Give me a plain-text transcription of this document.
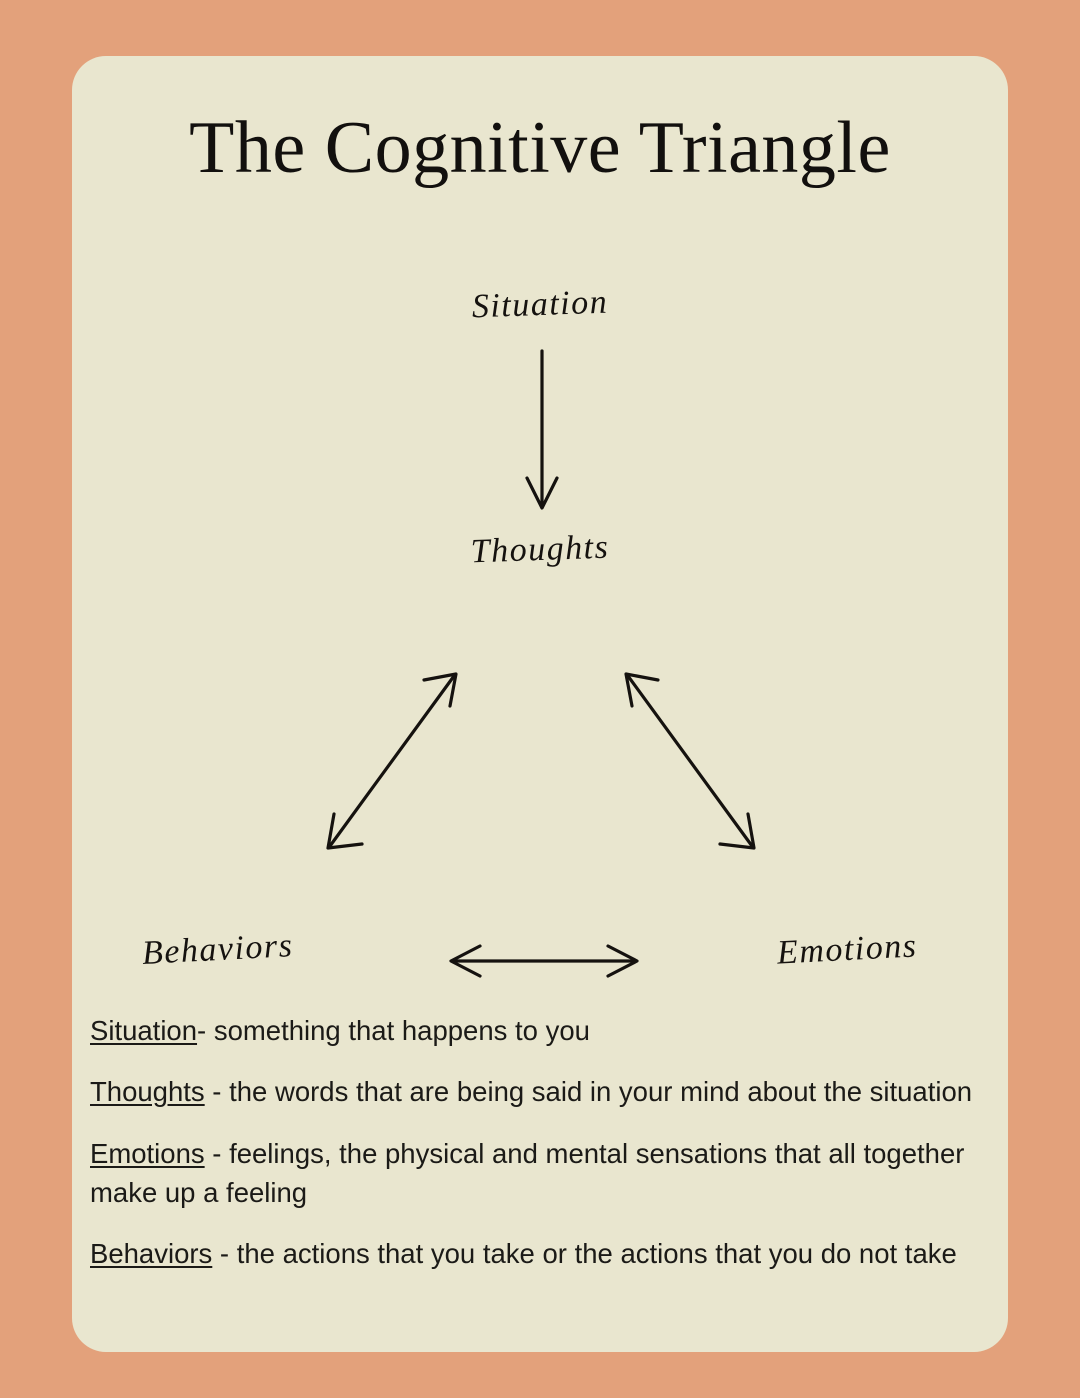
The Cognitive Triangle
Situation
Thoughts
Behaviors	Emotions
Situation- something that happens to you
Thoughts - the words that are being said in your mind about the situation
Emotions - feelings, the physical and mental sensations that all together make up a feeling
Behaviors - the actions that you take or the actions that you do not take
